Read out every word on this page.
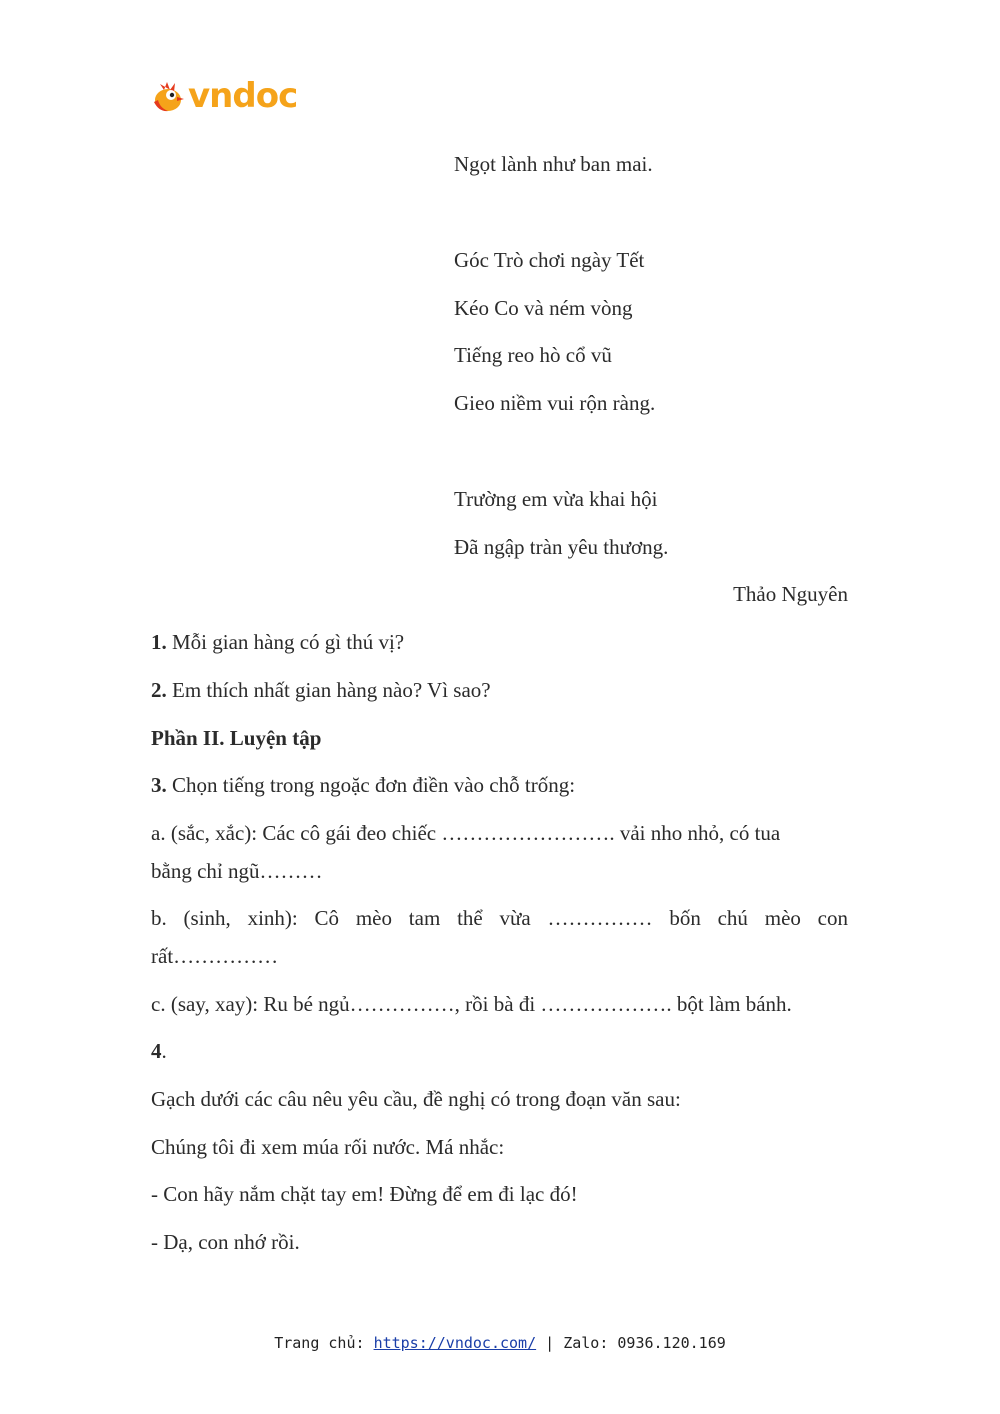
vndoc
Ngọt lành như ban mai.
Góc Trò chơi ngày Tết
Kéo Co và ném vòng
Tiếng reo hò cổ vũ
Gieo niềm vui rộn ràng.
Trường em vừa khai hội
Đã ngập tràn yêu thương.
Thảo Nguyên
1. Mỗi gian hàng có gì thú vị?
2. Em thích nhất gian hàng nào? Vì sao?
Phần II. Luyện tập
3. Chọn tiếng trong ngoặc đơn điền vào chỗ trống:
a. (sắc, xắc): Các cô gái đeo chiếc ……………………. vải nho nhỏ, có tua
bằng chỉ ngũ………
b. (sinh, xinh): Cô mèo tam thể vừa …………… bốn chú mèo con
rất……………
c. (say, xay): Ru bé ngủ……………, rồi bà đi ………………. bột làm bánh.
4.
Gạch dưới các câu nêu yêu cầu, đề nghị có trong đoạn văn sau:
Chúng tôi đi xem múa rối nước. Má nhắc:
- Con hãy nắm chặt tay em! Đừng để em đi lạc đó!
- Dạ, con nhớ rồi.
Trang chủ: https://vndoc.com/ | Zalo: 0936.120.169
